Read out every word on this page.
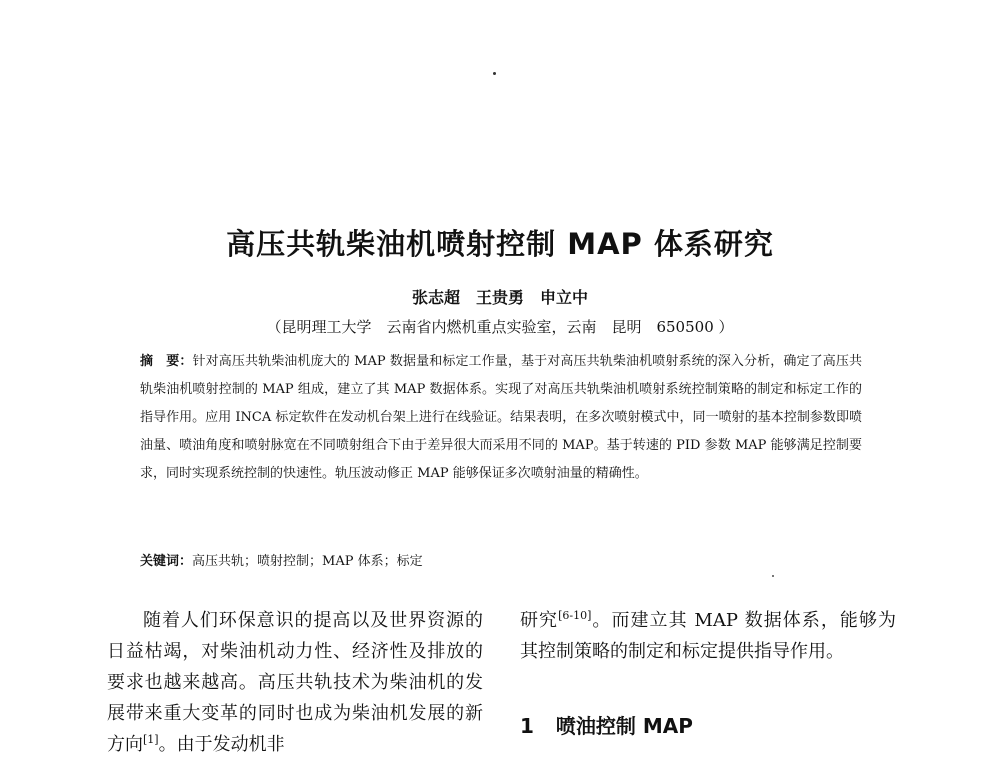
高压共轨柴油机喷射控制 MAP 体系研究
张志超　王贵勇　申立中
（昆明理工大学　云南省内燃机重点实验室，云南　昆明　650500 ）
摘　要：针对高压共轨柴油机庞大的 MAP 数据量和标定工作量，基于对高压共轨柴油机喷射系统的深入分析，确定了高压共轨柴油机喷射控制的 MAP 组成，建立了其 MAP 数据体系。实现了对高压共轨柴油机喷射系统控制策略的制定和标定工作的指导作用。应用 INCA 标定软件在发动机台架上进行在线验证。结果表明，在多次喷射模式中，同一喷射的基本控制参数即喷油量、喷油角度和喷射脉宽在不同喷射组合下由于差异很大而采用不同的 MAP。基于转速的 PID 参数 MAP 能够满足控制要求，同时实现系统控制的快速性。轨压波动修正 MAP 能够保证多次喷射油量的精确性。
关键词：高压共轨；喷射控制；MAP 体系；标定
随着人们环保意识的提高以及世界资源的日益枯竭，对柴油机动力性、经济性及排放的要求也越来越高。高压共轨技术为柴油机的发展带来重大变革的同时也成为柴油机发展的新方向[1]。由于发动机非
研究[6-10]。而建立其 MAP 数据体系，能够为其控制策略的制定和标定提供指导作用。
1 喷油控制 MAP
